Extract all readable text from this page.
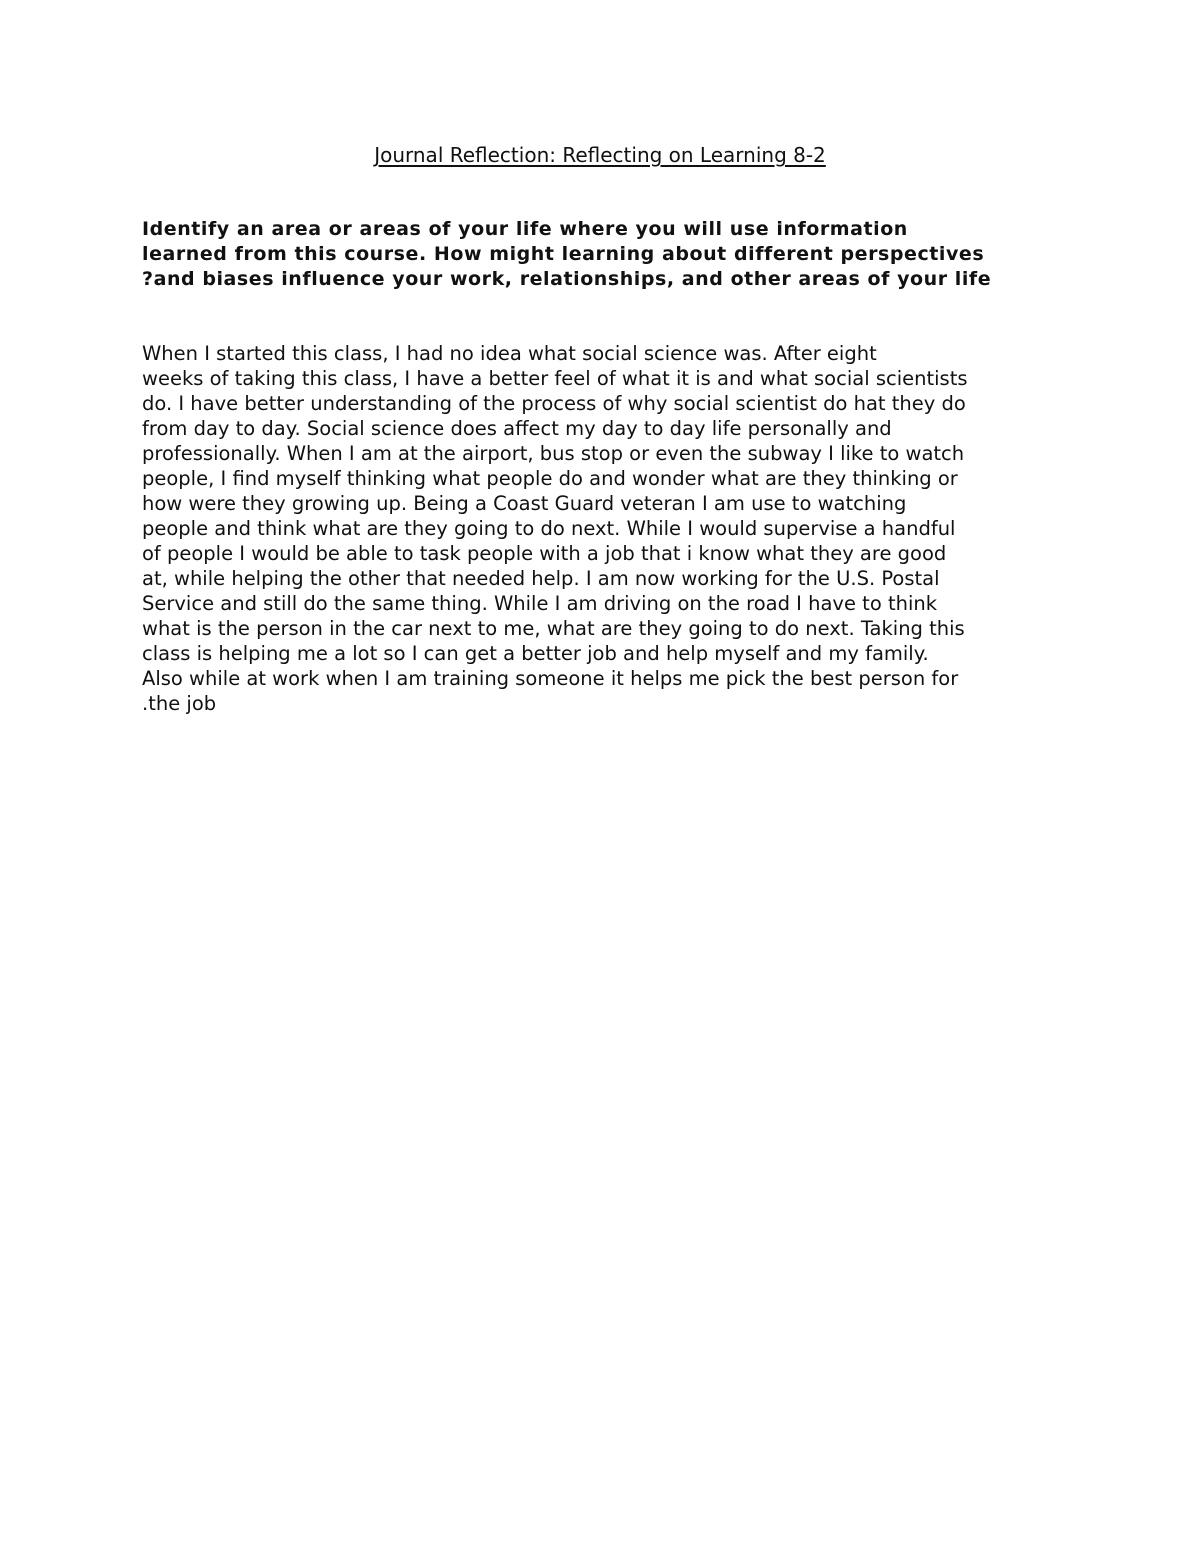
Journal Reflection: Reflecting on Learning 8-2
Identify an area or areas of your life where you will use information
learned from this course. How might learning about different perspectives
?and biases influence your work, relationships, and other areas of your life
When I started this class, I had no idea what social science was. After eight
weeks of taking this class, I have a better feel of what it is and what social scientists
do. I have better understanding of the process of why social scientist do hat they do
from day to day. Social science does affect my day to day life personally and
professionally. When I am at the airport, bus stop or even the subway I like to watch
people, I find myself thinking what people do and wonder what are they thinking or
how were they growing up. Being a Coast Guard veteran I am use to watching
people and think what are they going to do next. While I would supervise a handful
of people I would be able to task people with a job that i know what they are good
at, while helping the other that needed help. I am now working for the U.S. Postal
Service and still do the same thing. While I am driving on the road I have to think
what is the person in the car next to me, what are they going to do next. Taking this
class is helping me a lot so I can get a better job and help myself and my family.
Also while at work when I am training someone it helps me pick the best person for
.the job
